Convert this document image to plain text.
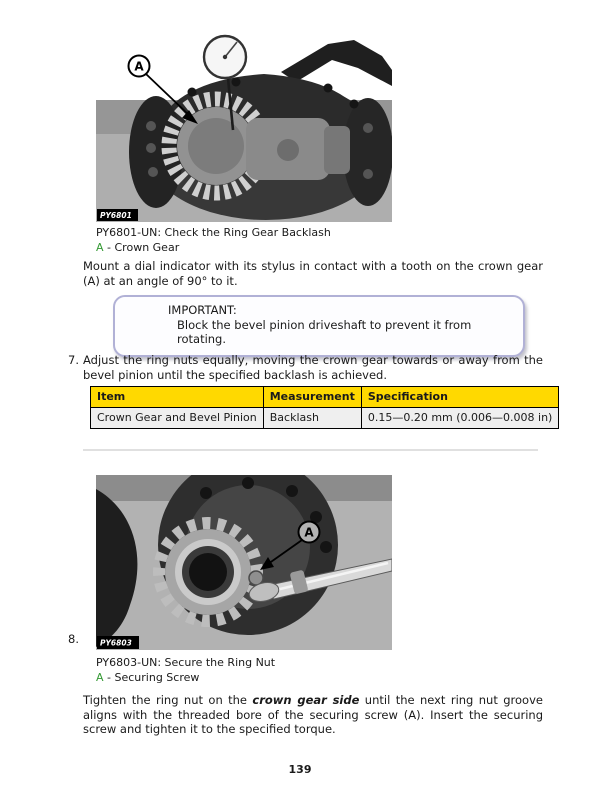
A
PY6801
PY6801-UN: Check the Ring Gear Backlash
A - Crown Gear
Mount a dial indicator with its stylus in contact with a tooth on the crown gear (A) at an angle of 90° to it.
IMPORTANT:
Block the bevel pinion driveshaft to prevent it from rotating.
7. Adjust the ring nuts equally, moving the crown gear towards or away from the bevel pinion until the specified backlash is achieved.
Item	Measurement	Specification
Crown Gear and Bevel Pinion	Backlash	0.15—0.20 mm (0.006—0.008 in)
A
PY6803
8.
PY6803-UN: Secure the Ring Nut
A - Securing Screw
Tighten the ring nut on the crown gear side until the next ring nut groove aligns with the threaded bore of the securing screw (A). Insert the securing screw and tighten it to the specified torque.
139
